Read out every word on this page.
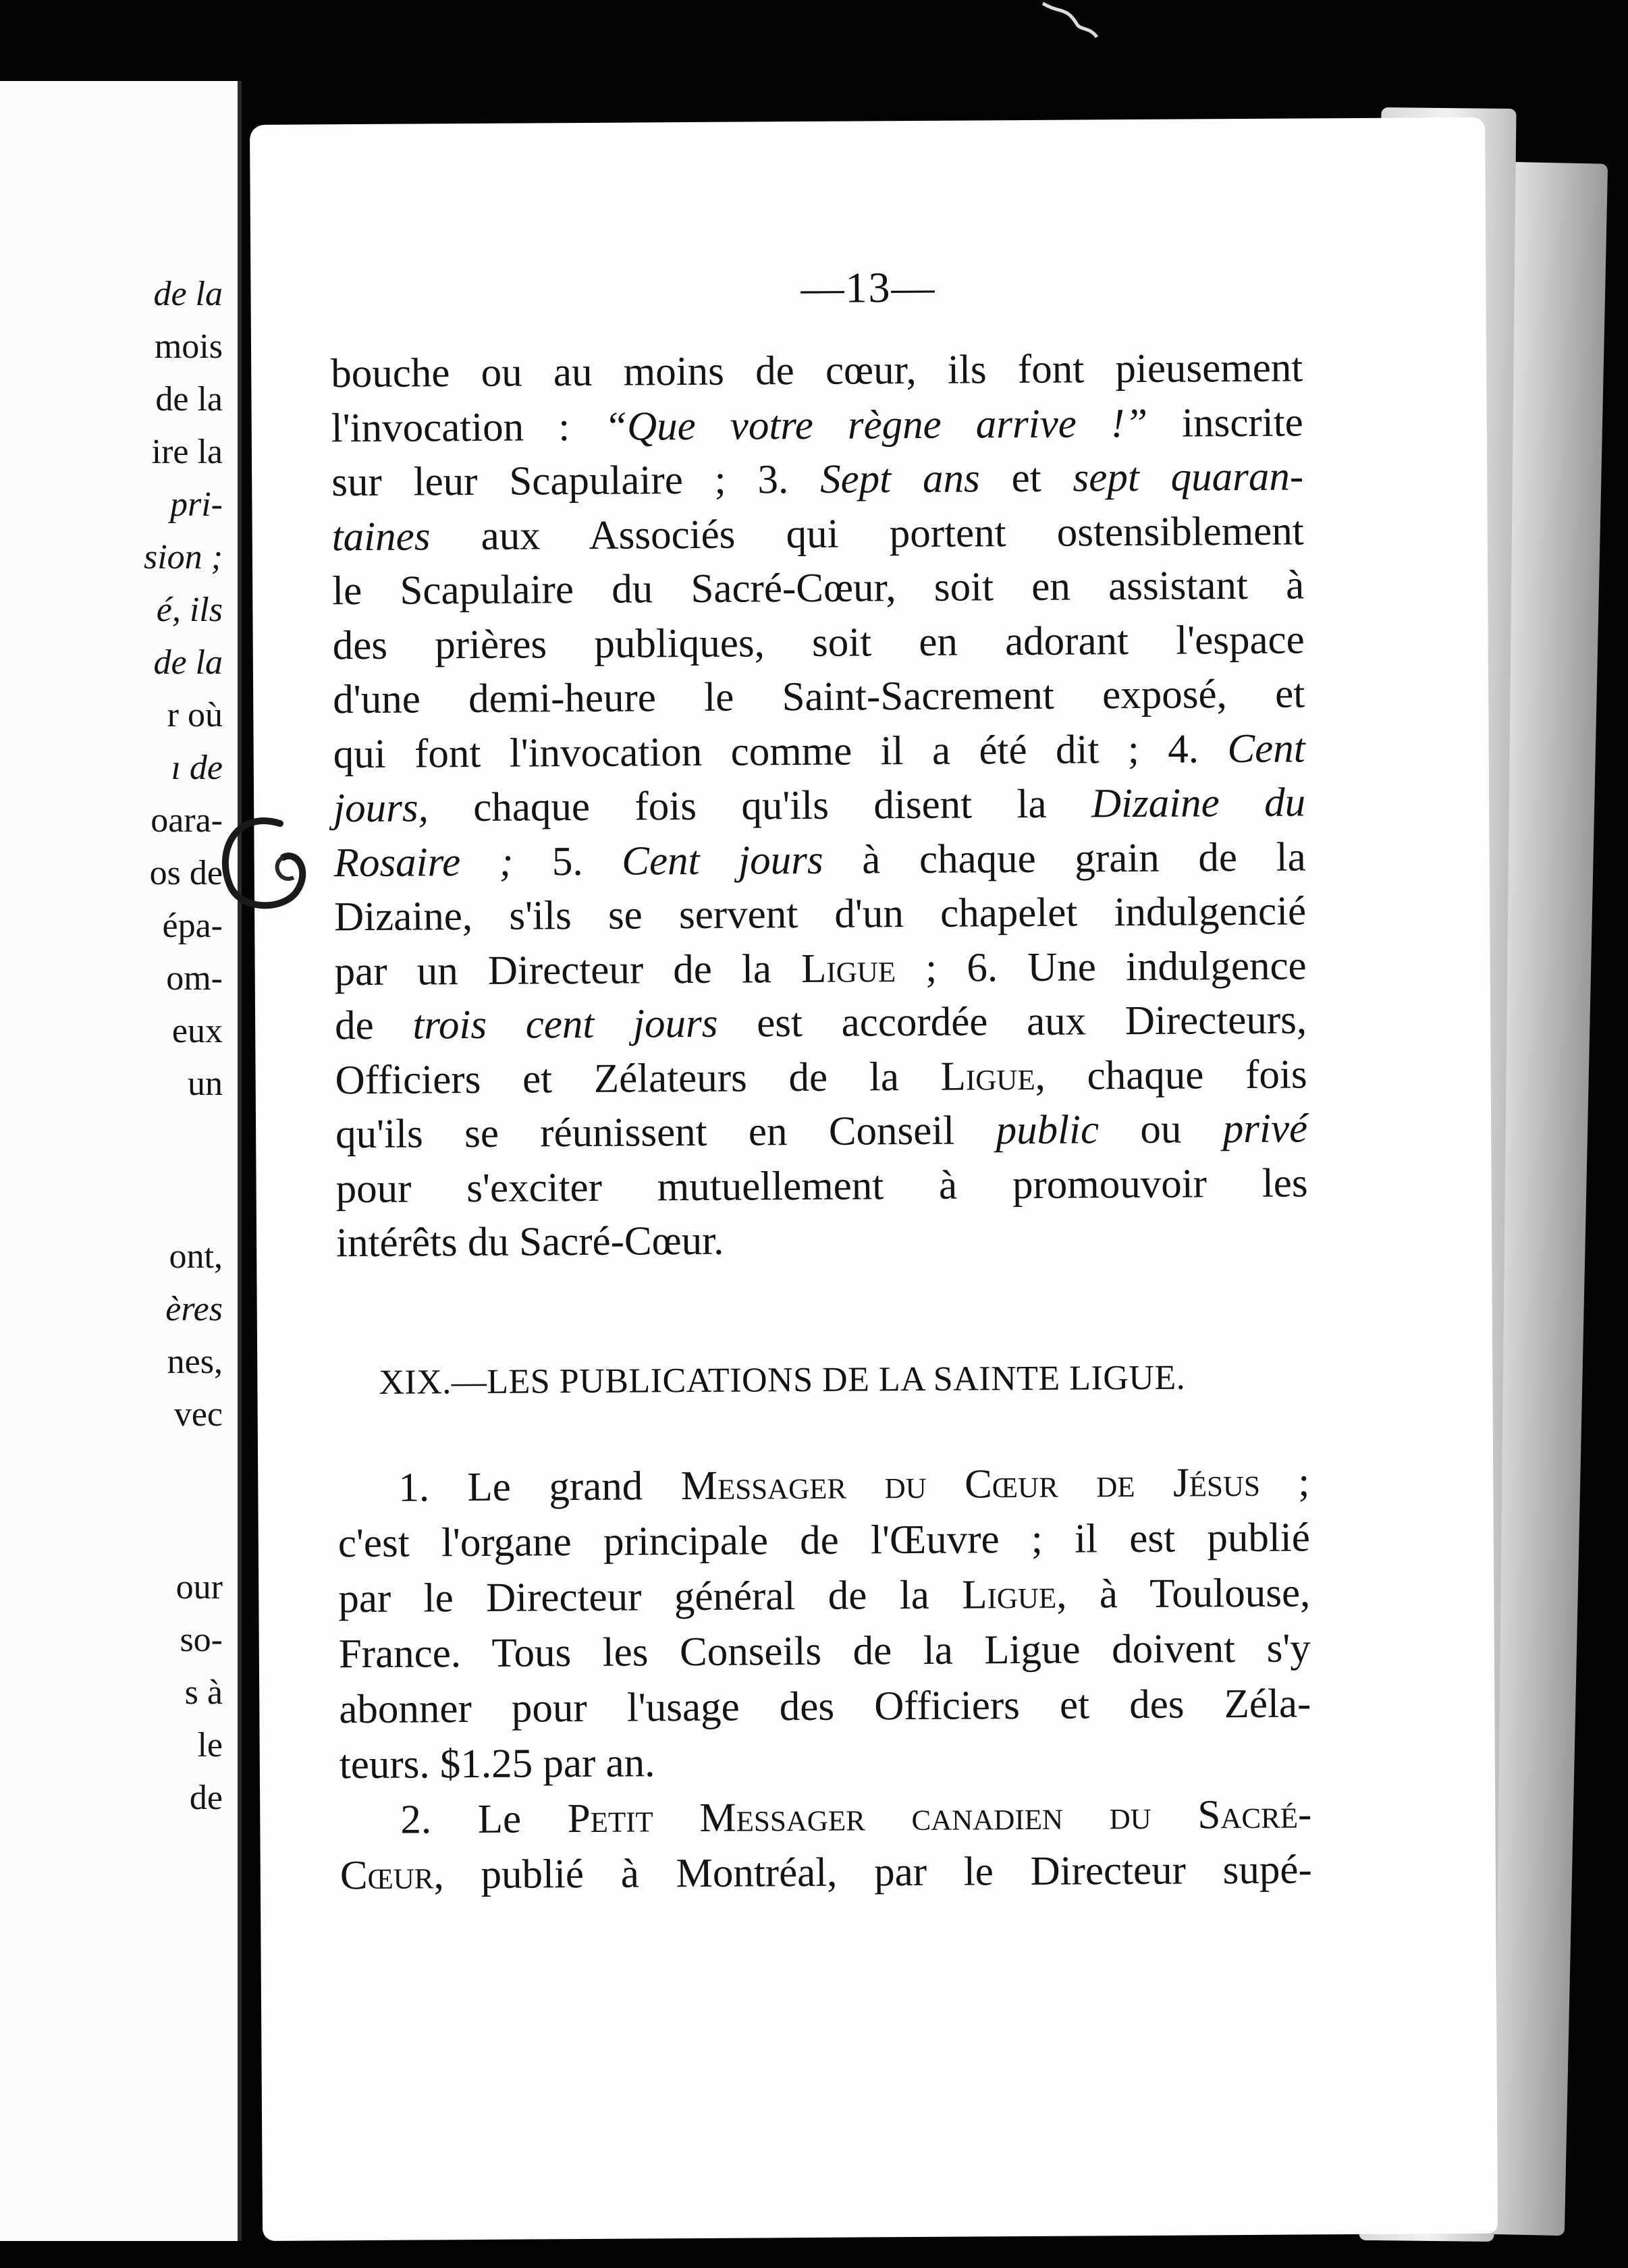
de la
mois
de la
ire la
pri-
sion ;
é, ils
de la
r où
ı de
oara-
os de
épa-
om-
eux
un
ont,
ères
nes,
vec
our
so-
s à
le
de
—13—
bouche ou au moins de cœur, ils font pieusement
l'invocation : “Que votre règne arrive !” inscrite
sur leur Scapulaire ; 3. Sept ans et sept quaran-
taines aux Associés qui portent ostensiblement
le Scapulaire du Sacré-Cœur, soit en assistant à
des prières publiques, soit en adorant l'espace
d'une demi-heure le Saint-Sacrement exposé, et
qui font l'invocation comme il a été dit ; 4. Cent
jours, chaque fois qu'ils disent la Dizaine du
Rosaire ; 5. Cent jours à chaque grain de la
Dizaine, s'ils se servent d'un chapelet indulgencié
par un Directeur de la Ligue ; 6. Une indulgence
de trois cent jours est accordée aux Directeurs,
Officiers et Zélateurs de la Ligue, chaque fois
qu'ils se réunissent en Conseil public ou privé
pour s'exciter mutuellement à promouvoir les
intérêts du Sacré-Cœur.
XIX.—LES PUBLICATIONS DE LA SAINTE LIGUE.
1. Le grand Messager du Cœur de Jésus ;
c'est l'organe principale de l'Œuvre ; il est publié
par le Directeur général de la Ligue, à Toulouse,
France. Tous les Conseils de la Ligue doivent s'y
abonner pour l'usage des Officiers et des Zéla-
teurs. $1.25 par an.
2. Le Petit Messager canadien du Sacré-
Cœur, publié à Montréal, par le Directeur supé-
